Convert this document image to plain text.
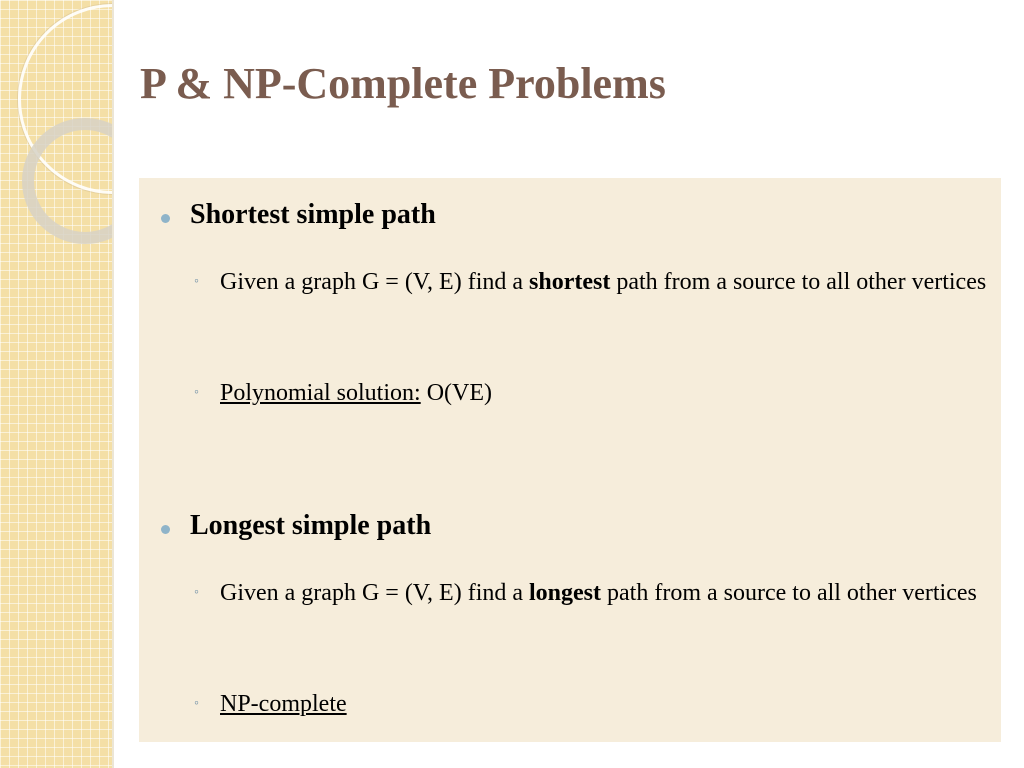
P & NP-Complete Problems
Shortest simple path
◦ Given a graph G = (V, E) find a shortest path from a source to all other vertices
◦ Polynomial solution: O(VE)
Longest simple path
◦ Given a graph G = (V, E) find a longest path from a source to all other vertices
◦ NP-complete
